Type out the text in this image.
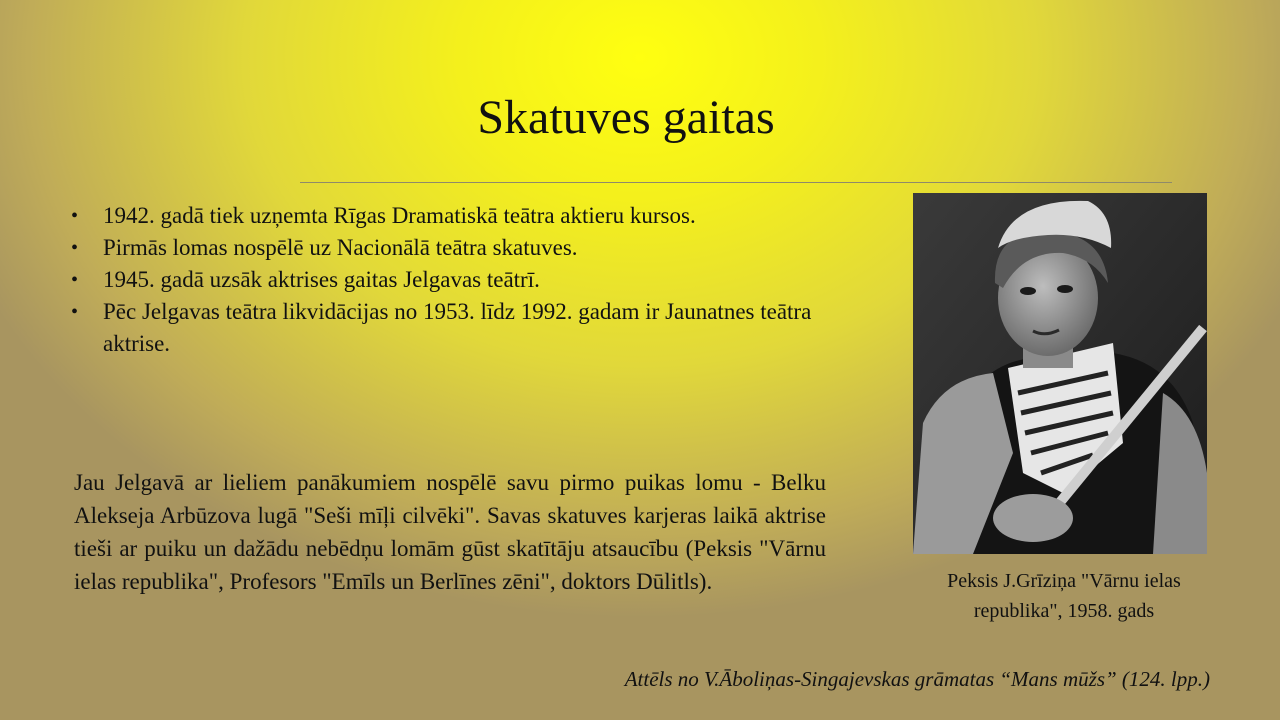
Skatuves gaitas
• 1942. gadā tiek uzņemta Rīgas Dramatiskā teātra aktieru kursos.
• Pirmās lomas nospēlē uz Nacionālā teātra skatuves.
• 1945. gadā uzsāk aktrises gaitas Jelgavas teātrī.
• Pēc Jelgavas teātra likvidācijas no 1953. līdz 1992. gadam ir Jaunatnes teātra aktrise.

Jau Jelgavā ar lieliem panākumiem nospēlē savu pirmo puikas lomu - Belku Alekseja Arbūzova lugā "Seši mīļi cilvēki". Savas skatuves karjeras laikā aktrise tieši ar puiku un dažādu nebēdņu lomām gūst skatītāju atsaucību (Peksis "Vārnu ielas republika", Profesors "Emīls un Berlīnes zēni", doktors Dūlitls).	Peksis J.Grīziņa "Vārnu ielas republika", 1958. gads

Attēls no V.Āboliņas-Singajevskas grāmatas “Mans mūžs” (124. lpp.)
